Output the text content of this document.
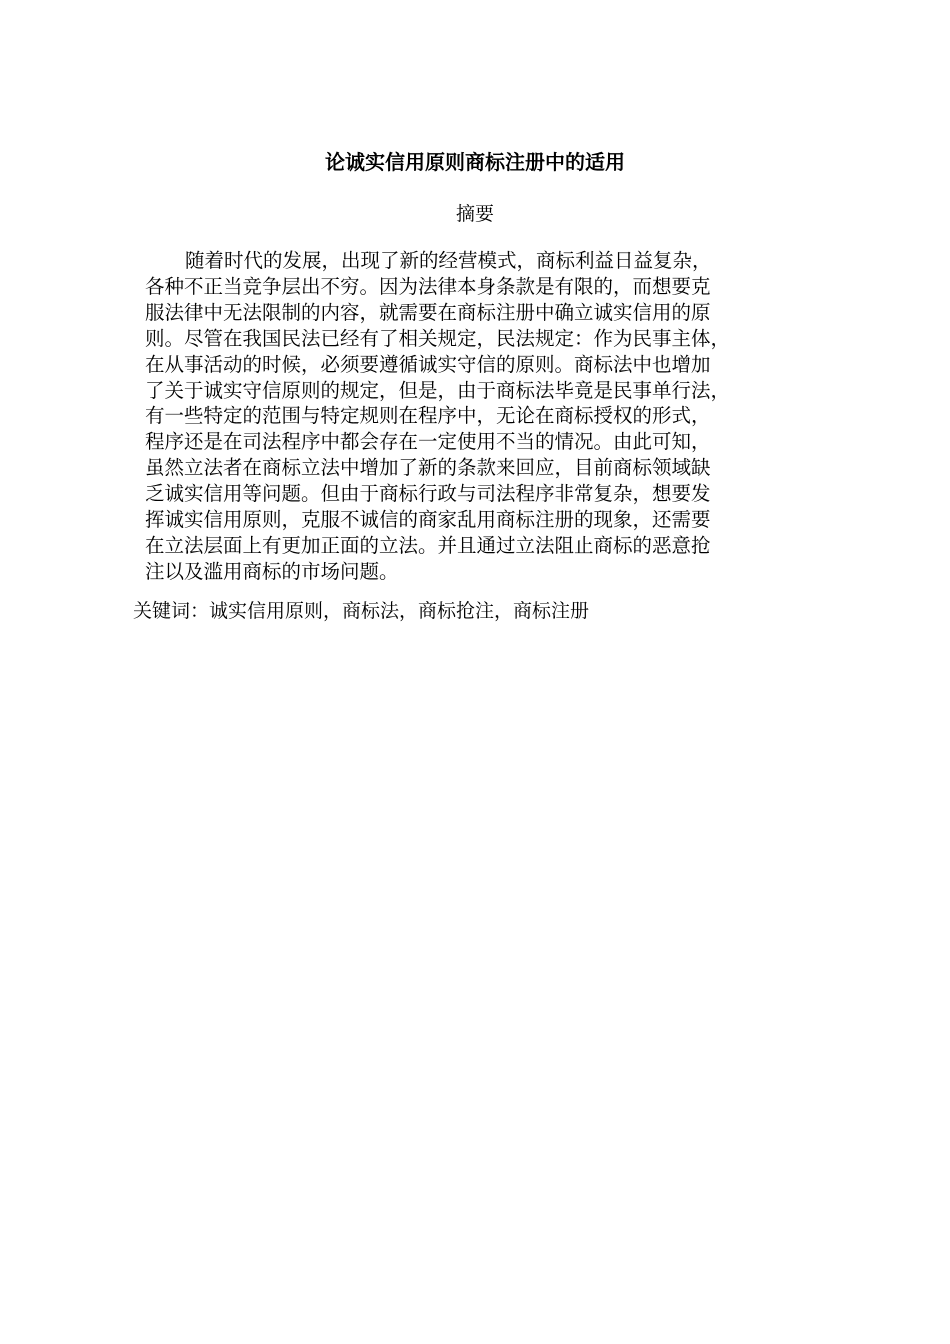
论诚实信用原则商标注册中的适用
摘要
随着时代的发展，出现了新的经营模式，商标利益日益复杂，
各种不正当竞争层出不穷。因为法律本身条款是有限的，而想要克
服法律中无法限制的内容，就需要在商标注册中确立诚实信用的原
则。尽管在我国民法已经有了相关规定，民法规定：作为民事主体，
在从事活动的时候，必须要遵循诚实守信的原则。商标法中也增加
了关于诚实守信原则的规定，但是，由于商标法毕竟是民事单行法，
有一些特定的范围与特定规则在程序中，无论在商标授权的形式，
程序还是在司法程序中都会存在一定使用不当的情况。由此可知，
虽然立法者在商标立法中增加了新的条款来回应，目前商标领域缺
乏诚实信用等问题。但由于商标行政与司法程序非常复杂，想要发
挥诚实信用原则，克服不诚信的商家乱用商标注册的现象，还需要
在立法层面上有更加正面的立法。并且通过立法阻止商标的恶意抢
注以及滥用商标的市场问题。
关键词：诚实信用原则，商标法，商标抢注，商标注册
